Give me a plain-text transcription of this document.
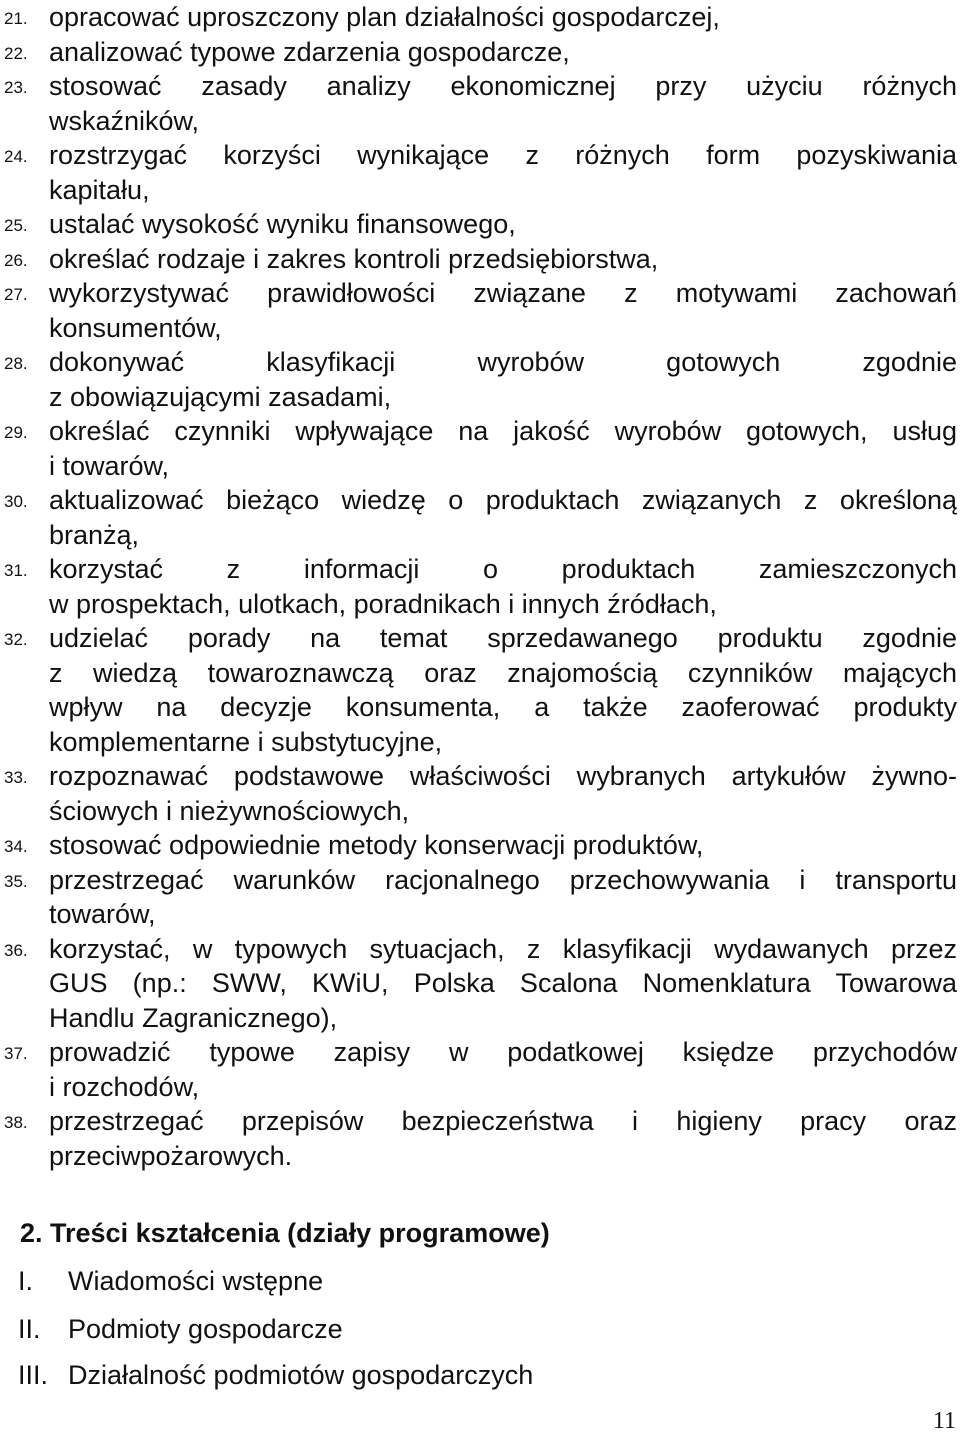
21. opracować uproszczony plan działalności gospodarczej,
22. analizować typowe zdarzenia gospodarcze,
23. stosować zasady analizy ekonomicznej przy użyciu różnych
wskaźników,
24. rozstrzygać korzyści wynikające z różnych form pozyskiwania
kapitału,
25. ustalać wysokość wyniku finansowego,
26. określać rodzaje i zakres kontroli przedsiębiorstwa,
27. wykorzystywać prawidłowości związane z motywami zachowań
konsumentów,
28. dokonywać klasyfikacji wyrobów gotowych zgodnie
z obowiązującymi zasadami,
29. określać czynniki wpływające na jakość wyrobów gotowych, usług
i towarów,
30. aktualizować bieżąco wiedzę o produktach związanych z określoną
branżą,
31. korzystać z informacji o produktach zamieszczonych
w prospektach, ulotkach, poradnikach i innych źródłach,
32. udzielać porady na temat sprzedawanego produktu zgodnie
z wiedzą towaroznawczą oraz znajomością czynników mających
wpływ na decyzje konsumenta, a także zaoferować produkty
komplementarne i substytucyjne,
33. rozpoznawać podstawowe właściwości wybranych artykułów żywno-
ściowych i nieżywnościowych,
34. stosować odpowiednie metody konserwacji produktów,
35. przestrzegać warunków racjonalnego przechowywania i transportu
towarów,
36. korzystać, w typowych sytuacjach, z klasyfikacji wydawanych przez
GUS (np.: SWW, KWiU, Polska Scalona Nomenklatura Towarowa
Handlu Zagranicznego),
37. prowadzić typowe zapisy w podatkowej księdze przychodów
i rozchodów,
38. przestrzegać przepisów bezpieczeństwa i higieny pracy oraz
przeciwpożarowych.
2. Treści kształcenia (działy programowe)
I. Wiadomości wstępne
II. Podmioty gospodarcze
III. Działalność podmiotów gospodarczych
11
